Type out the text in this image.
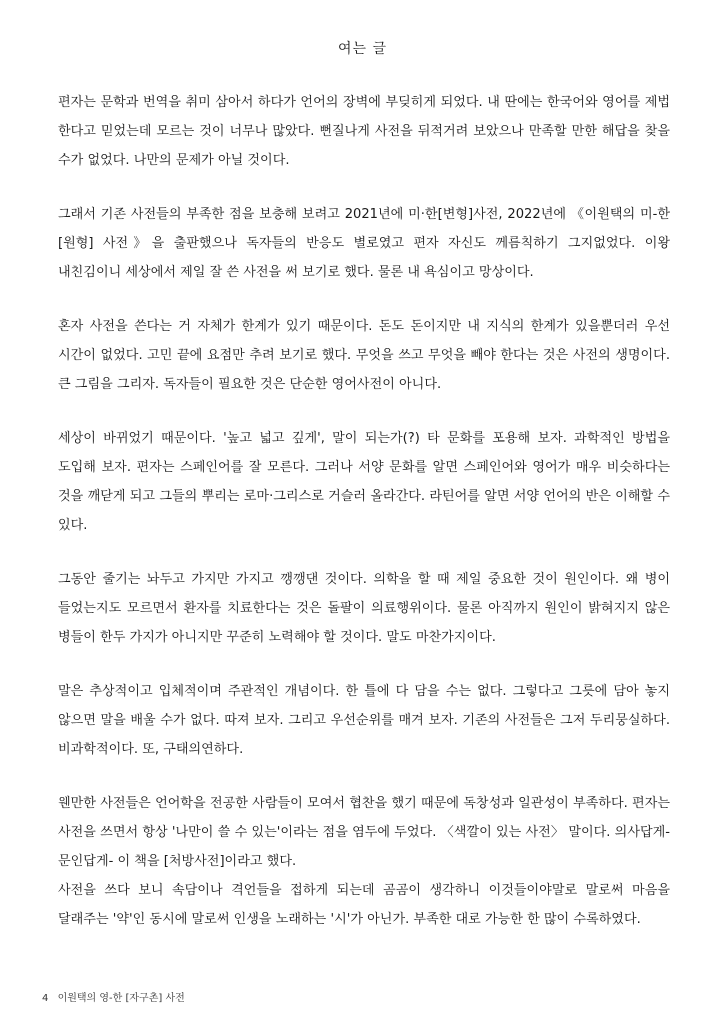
여는 글

편자는 문학과 번역을 취미 삼아서 하다가 언어의 장벽에 부딪히게 되었다. 내 딴에는 한국어와 영어를 제법 한다고 믿었는데 모르는 것이 너무나 많았다. 뻔질나게 사전을 뒤적거려 보았으나 만족할 만한 해답을 찾을 수가 없었다. 나만의 문제가 아닐 것이다.

그래서 기존 사전들의 부족한 점을 보충해 보려고 2021년에 미·한[변형]사전, 2022년에 《이원택의 미-한[원형] 사전》을 출판했으나 독자들의 반응도 별로였고 편자 자신도 께름칙하기 그지없었다. 이왕 내친김이니 세상에서 제일 잘 쓴 사전을 써 보기로 했다. 물론 내 욕심이고 망상이다.

혼자 사전을 쓴다는 거 자체가 한계가 있기 때문이다. 돈도 돈이지만 내 지식의 한계가 있을뿐더러 우선 시간이 없었다. 고민 끝에 요점만 추려 보기로 했다. 무엇을 쓰고 무엇을 빼야 한다는 것은 사전의 생명이다. 큰 그림을 그리자. 독자들이 필요한 것은 단순한 영어사전이 아니다.

세상이 바뀌었기 때문이다. '높고 넓고 깊게', 말이 되는가(?) 타 문화를 포용해 보자. 과학적인 방법을 도입해 보자. 편자는 스페인어를 잘 모른다. 그러나 서양 문화를 알면 스페인어와 영어가 매우 비슷하다는 것을 깨닫게 되고 그들의 뿌리는 로마·그리스로 거슬러 올라간다. 라틴어를 알면 서양 언어의 반은 이해할 수 있다.

그동안 줄기는 놔두고 가지만 가지고 깽깽댄 것이다. 의학을 할 때 제일 중요한 것이 원인이다. 왜 병이 들었는지도 모르면서 환자를 치료한다는 것은 돌팔이 의료행위이다. 물론 아직까지 원인이 밝혀지지 않은 병들이 한두 가지가 아니지만 꾸준히 노력해야 할 것이다. 말도 마찬가지이다.

말은 추상적이고 입체적이며 주관적인 개념이다. 한 틀에 다 담을 수는 없다. 그렇다고 그릇에 담아 놓지 않으면 말을 배울 수가 없다. 따져 보자. 그리고 우선순위를 매겨 보자. 기존의 사전들은 그저 두리뭉실하다. 비과학적이다. 또, 구태의연하다.

웬만한 사전들은 언어학을 전공한 사람들이 모여서 협찬을 했기 때문에 독창성과 일관성이 부족하다. 편자는 사전을 쓰면서 항상 '나만이 쓸 수 있는'이라는 점을 염두에 두었다. 〈색깔이 있는 사전〉 말이다. 의사답게- 문인답게- 이 책을 [처방사전]이라고 했다.

사전을 쓰다 보니 속담이나 격언들을 접하게 되는데 곰곰이 생각하니 이것들이야말로 말로써 마음을 달래주는 '약'인 동시에 말로써 인생을 노래하는 '시'가 아닌가. 부족한 대로 가능한 한 많이 수록하였다.

4 이원택의 영-한 [자구촌] 사전
